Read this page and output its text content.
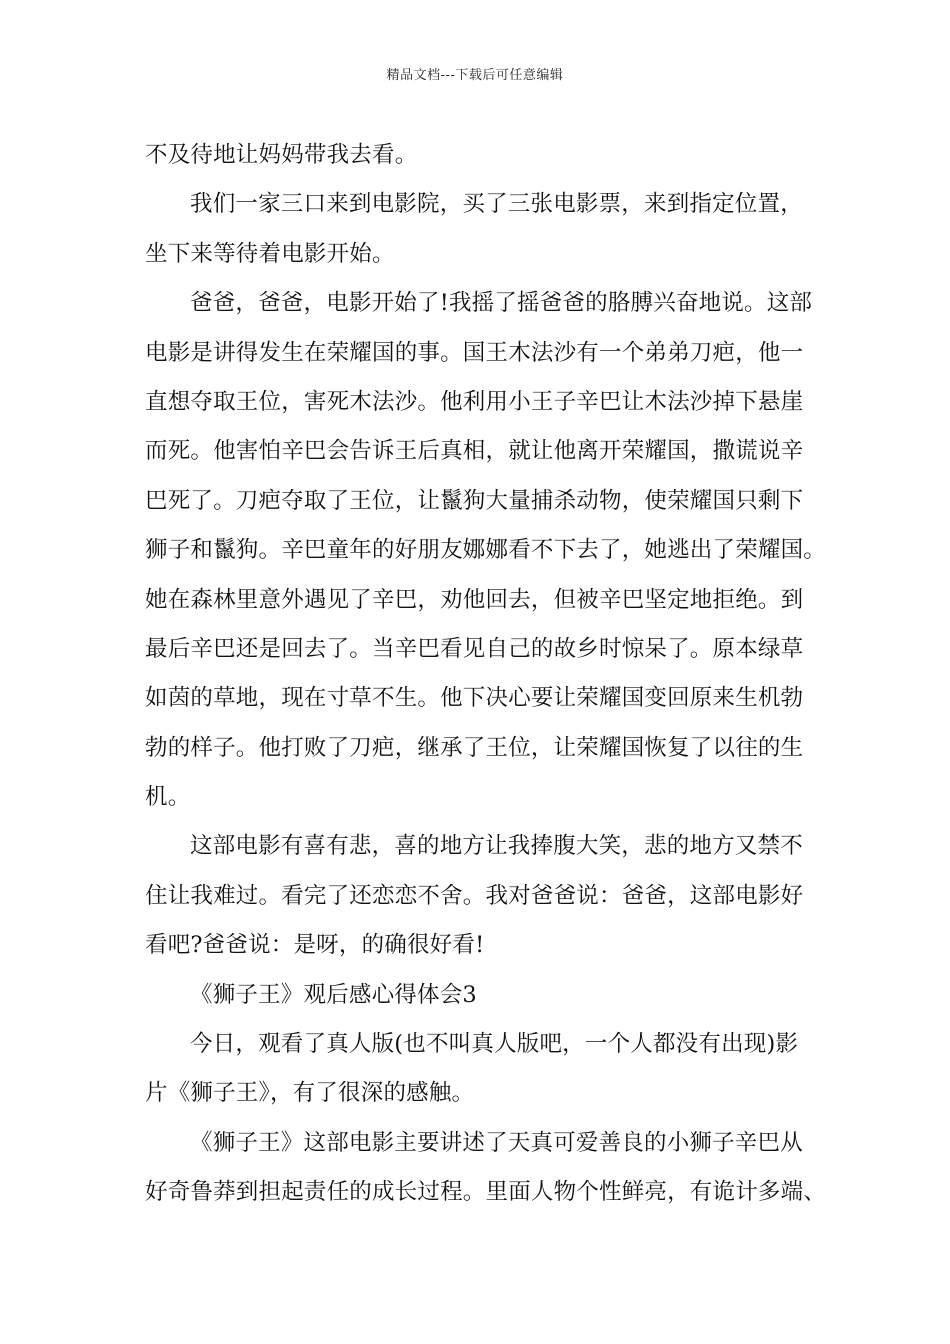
精品文档---下载后可任意编辑
不及待地让妈妈带我去看。
我们一家三口来到电影院，买了三张电影票，来到指定位置，
坐下来等待着电影开始。
爸爸，爸爸，电影开始了!我摇了摇爸爸的胳膊兴奋地说。这部
电影是讲得发生在荣耀国的事。国王木法沙有一个弟弟刀疤，他一
直想夺取王位，害死木法沙。他利用小王子辛巴让木法沙掉下悬崖
而死。他害怕辛巴会告诉王后真相，就让他离开荣耀国，撒谎说辛
巴死了。刀疤夺取了王位，让鬣狗大量捕杀动物，使荣耀国只剩下
狮子和鬣狗。辛巴童年的好朋友娜娜看不下去了，她逃出了荣耀国。
她在森林里意外遇见了辛巴，劝他回去，但被辛巴坚定地拒绝。到
最后辛巴还是回去了。当辛巴看见自己的故乡时惊呆了。原本绿草
如茵的草地，现在寸草不生。他下决心要让荣耀国变回原来生机勃
勃的样子。他打败了刀疤，继承了王位，让荣耀国恢复了以往的生
机。
这部电影有喜有悲，喜的地方让我捧腹大笑，悲的地方又禁不
住让我难过。看完了还恋恋不舍。我对爸爸说：爸爸，这部电影好
看吧?爸爸说：是呀，的确很好看!
《狮子王》观后感心得体会3
今日，观看了真人版(也不叫真人版吧，一个人都没有出现)影
片《狮子王》，有了很深的感触。
《狮子王》这部电影主要讲述了天真可爱善良的小狮子辛巴从
好奇鲁莽到担起责任的成长过程。里面人物个性鲜亮，有诡计多端、
